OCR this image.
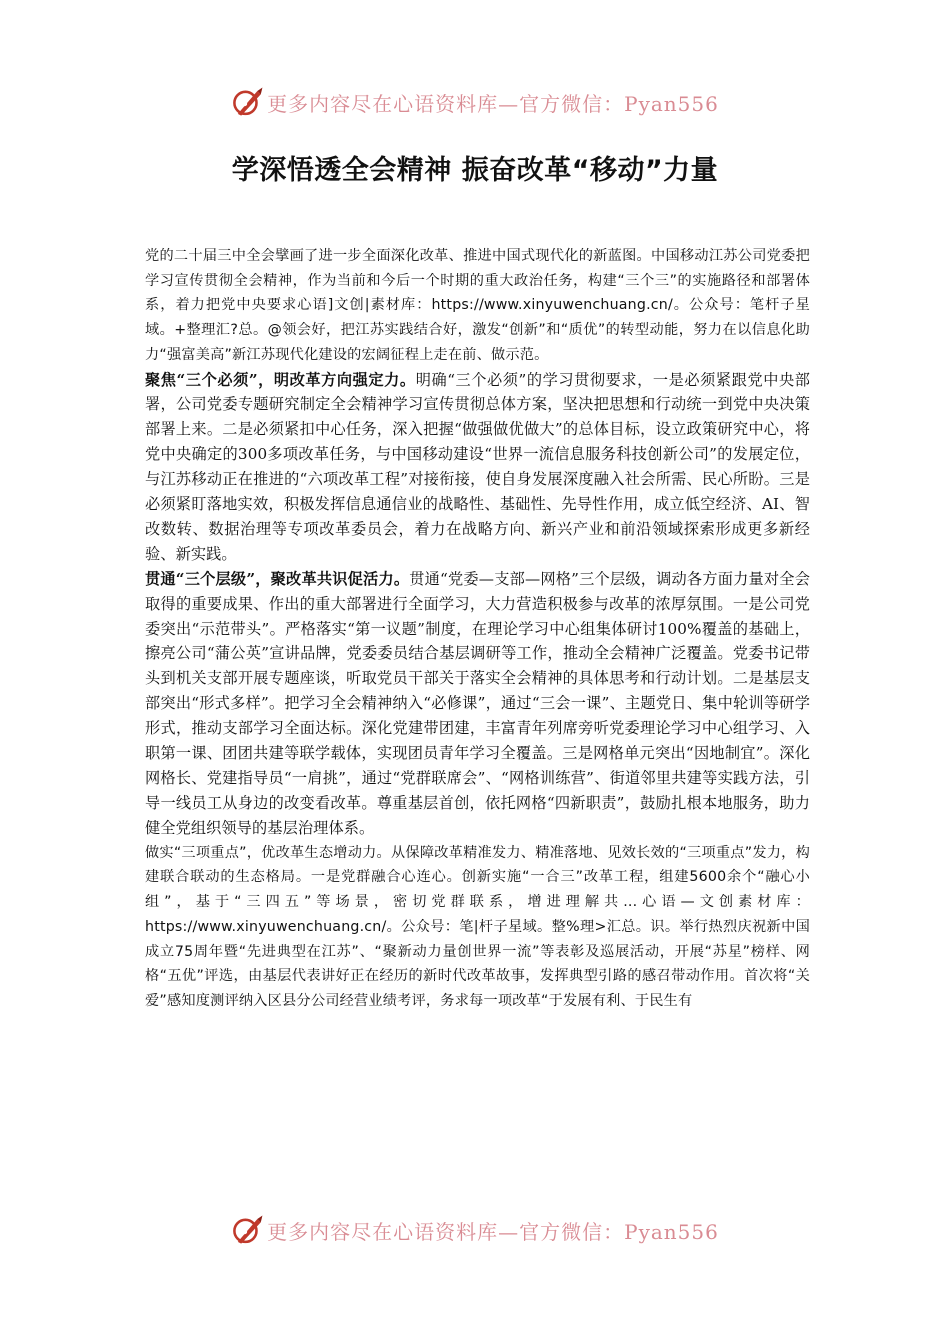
更多内容尽在心语资料库—官方微信：Pyan556
学深悟透全会精神 振奋改革“移动”力量

党的二十届三中全会擘画了进一步全面深化改革、推进中国式现代化的新蓝图。中国移动江苏公司党委把学习宣传贯彻全会精神，作为当前和今后一个时期的重大政治任务，构建“三个三”的实施路径和部署体系，着力把党中央要求心语]文创|素材库：https://www.xinyuwenchuang.cn/。公众号：笔杆子星域。+整理汇?总。@领会好，把江苏实践结合好，激发“创新”和“质优”的转型动能，努力在以信息化助力“强富美高”新江苏现代化建设的宏阔征程上走在前、做示范。

聚焦“三个必须”，明改革方向强定力。明确“三个必须”的学习贯彻要求，一是必须紧跟党中央部署，公司党委专题研究制定全会精神学习宣传贯彻总体方案，坚决把思想和行动统一到党中央决策部署上来。二是必须紧扣中心任务，深入把握“做强做优做大”的总体目标，设立政策研究中心，将党中央确定的300多项改革任务，与中国移动建设“世界一流信息服务科技创新公司”的发展定位，与江苏移动正在推进的“六项改革工程”对接衔接，使自身发展深度融入社会所需、民心所盼。三是必须紧盯落地实效，积极发挥信息通信业的战略性、基础性、先导性作用，成立低空经济、AI、智改数转、数据治理等专项改革委员会，着力在战略方向、新兴产业和前沿领域探索形成更多新经验、新实践。

贯通“三个层级”，聚改革共识促活力。贯通“党委—支部—网格”三个层级，调动各方面力量对全会取得的重要成果、作出的重大部署进行全面学习，大力营造积极参与改革的浓厚氛围。一是公司党委突出“示范带头”。严格落实“第一议题”制度，在理论学习中心组集体研讨100%覆盖的基础上，擦亮公司“蒲公英”宣讲品牌，党委委员结合基层调研等工作，推动全会精神广泛覆盖。党委书记带头到机关支部开展专题座谈，听取党员干部关于落实全会精神的具体思考和行动计划。二是基层支部突出“形式多样”。把学习全会精神纳入“必修课”，通过“三会一课”、主题党日、集中轮训等研学形式，推动支部学习全面达标。深化党建带团建，丰富青年列席旁听党委理论学习中心组学习、入职第一课、团团共建等联学载体，实现团员青年学习全覆盖。三是网格单元突出“因地制宜”。深化网格长、党建指导员“一肩挑”，通过“党群联席会”、“网格训练营”、街道邻里共建等实践方法，引导一线员工从身边的改变看改革。尊重基层首创，依托网格“四新职责”，鼓励扎根本地服务，助力健全党组织领导的基层治理体系。

做实“三项重点”，优改革生态增动力。从保障改革精准发力、精准落地、见效长效的“三项重点”发力，构建联合联动的生态格局。一是党群融合心连心。创新实施“一合三”改革工程，组建5600余个“融心小组”，基于“三四五”等场景，密切党群联系，增进理解共...心语—文创素材库：https://www.xinyuwenchuang.cn/。公众号：笔|杆子星域。整%理>汇总。识。举行热烈庆祝新中国成立75周年暨“先进典型在江苏”、“聚新动力量创世界一流”等表彰及巡展活动，开展“苏星”榜样、网格“五优”评选，由基层代表讲好正在经历的新时代改革故事，发挥典型引路的感召带动作用。首次将“关爱”感知度测评纳入区县分公司经营业绩考评，务求每一项改革“于发展有利、于民生有

更多内容尽在心语资料库—官方微信：Pyan556
